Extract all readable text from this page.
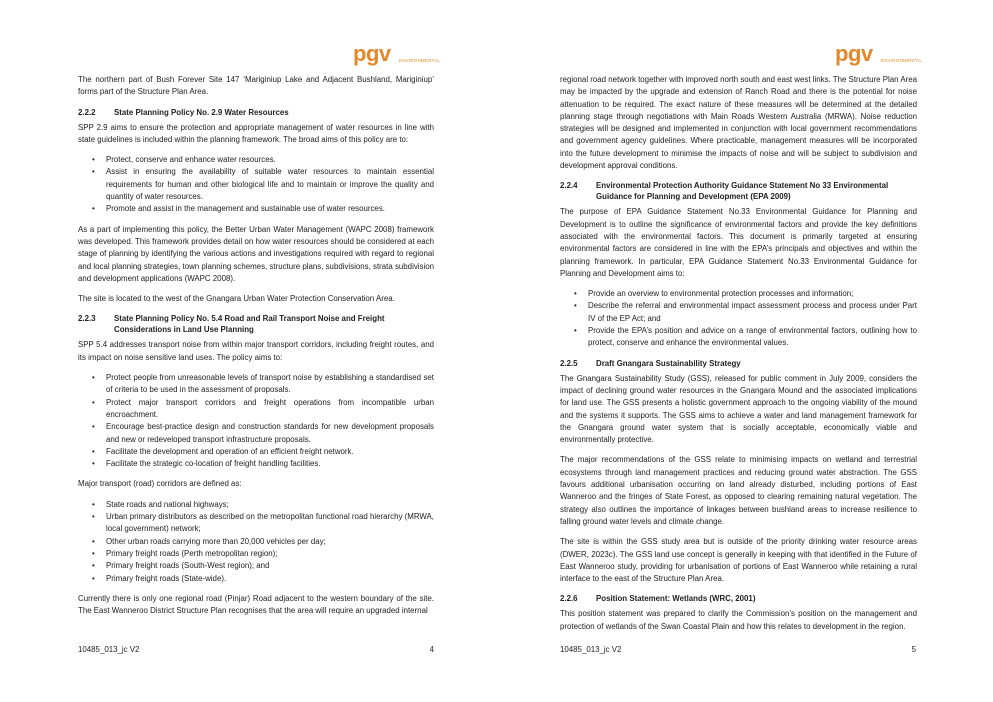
pgv ENVIRONMENTAL

The northern part of Bush Forever Site 147 ‘Mariginiup Lake and Adjacent Bushland, Mariginiup’ forms part of the Structure Plan Area.

2.2.2	State Planning Policy No. 2.9 Water Resources

SPP 2.9 aims to ensure the protection and appropriate management of water resources in line with state guidelines is included within the planning framework. The broad aims of this policy are to:

• Protect, conserve and enhance water resources.
• Assist in ensuring the availability of suitable water resources to maintain essential requirements for human and other biological life and to maintain or improve the quality and quantity of water resources.
• Promote and assist in the management and sustainable use of water resources.

As a part of implementing this policy, the Better Urban Water Management (WAPC 2008) framework was developed. This framework provides detail on how water resources should be considered at each stage of planning by identifying the various actions and investigations required with regard to regional and local planning strategies, town planning schemes, structure plans, subdivisions, strata subdivision and development applications (WAPC 2008).

The site is located to the west of the Gnangara Urban Water Protection Conservation Area.

2.2.3	State Planning Policy No. 5.4 Road and Rail Transport Noise and Freight Considerations in Land Use Planning

SPP 5.4 addresses transport noise from within major transport corridors, including freight routes, and its impact on noise sensitive land uses. The policy aims to:

• Protect people from unreasonable levels of transport noise by establishing a standardised set of criteria to be used in the assessment of proposals.
• Protect major transport corridors and freight operations from incompatible urban encroachment.
• Encourage best-practice design and construction standards for new development proposals and new or redeveloped transport infrastructure proposals.
• Facilitate the development and operation of an efficient freight network.
• Facilitate the strategic co-location of freight handling facilities.

Major transport (road) corridors are defined as:

• State roads and national highways;
• Urban primary distributors as described on the metropolitan functional road hierarchy (MRWA, local government) network;
• Other urban roads carrying more than 20,000 vehicles per day;
• Primary freight roads (Perth metropolitan region);
• Primary freight roads (South-West region); and
• Primary freight roads (State-wide).

Currently there is only one regional road (Pinjar) Road adjacent to the western boundary of the site. The East Wanneroo District Structure Plan recognises that the area will require an upgraded internal

10485_013_jc V2	4
pgv ENVIRONMENTAL

regional road network together with improved north south and east west links. The Structure Plan Area may be impacted by the upgrade and extension of Ranch Road and there is the potential for noise attenuation to be required. The exact nature of these measures will be determined at the detailed planning stage through negotiations with Main Roads Western Australia (MRWA). Noise reduction strategies will be designed and implemented in conjunction with local government recommendations and government agency guidelines. Where practicable, management measures will be incorporated into the future development to minimise the impacts of noise and will be subject to subdivision and development approval conditions.

2.2.4	Environmental Protection Authority Guidance Statement No 33 Environmental Guidance for Planning and Development (EPA 2009)

The purpose of EPA Guidance Statement No.33 Environmental Guidance for Planning and Development is to outline the significance of environmental factors and provide the key definitions associated with the environmental factors. This document is primarily targeted at ensuring environmental factors are considered in line with the EPA’s principals and objectives and within the planning framework. In particular, EPA Guidance Statement No.33 Environmental Guidance for Planning and Development aims to:

• Provide an overview to environmental protection processes and information;
• Describe the referral and environmental impact assessment process and process under Part IV of the EP Act; and
• Provide the EPA’s position and advice on a range of environmental factors, outlining how to protect, conserve and enhance the environmental values.
2.2.5	Draft Gnangara Sustainability Strategy

The Gnangara Sustainability Study (GSS), released for public comment in July 2009, considers the impact of declining ground water resources in the Gnangara Mound and the associated implications for land use. The GSS presents a holistic government approach to the ongoing viability of the mound and the systems it supports. The GSS aims to achieve a water and land management framework for the Gnangara ground water system that is socially acceptable, economically viable and environmentally protective.

The major recommendations of the GSS relate to minimising impacts on wetland and terrestrial ecosystems through land management practices and reducing ground water abstraction. The GSS favours additional urbanisation occurring on land already disturbed, including portions of East Wanneroo and the fringes of State Forest, as opposed to clearing remaining natural vegetation. The strategy also outlines the importance of linkages between bushland areas to increase resilience to falling ground water levels and climate change.

The site is within the GSS study area but is outside of the priority drinking water resource areas (DWER, 2023c). The GSS land use concept is generally in keeping with that identified in the Future of East Wanneroo study, providing for urbanisation of portions of East Wanneroo while retaining a rural interface to the east of the Structure Plan Area.

2.2.6	Position Statement: Wetlands (WRC, 2001)

This position statement was prepared to clarify the Commission’s position on the management and protection of wetlands of the Swan Coastal Plain and how this relates to development in the region.

10485_013_jc V2	5
